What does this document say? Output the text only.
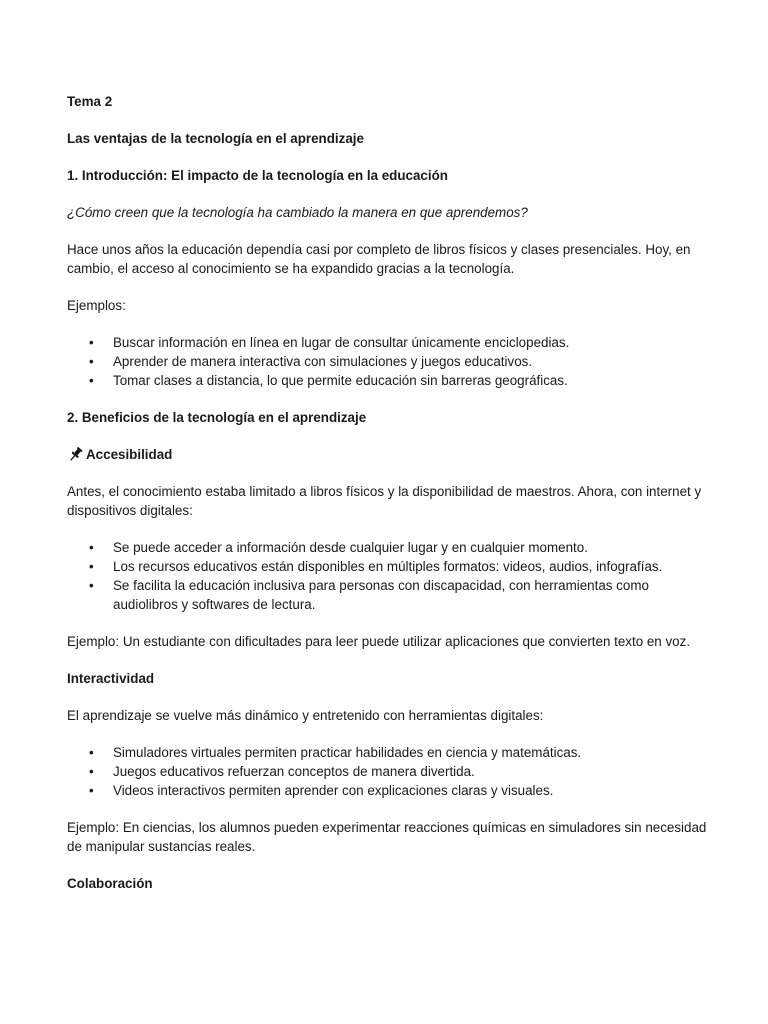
Tema 2

Las ventajas de la tecnología en el aprendizaje

1. Introducción: El impacto de la tecnología en la educación

¿Cómo creen que la tecnología ha cambiado la manera en que aprendemos?

Hace unos años la educación dependía casi por completo de libros físicos y clases presenciales. Hoy, en cambio, el acceso al conocimiento se ha expandido gracias a la tecnología.

Ejemplos:

• Buscar información en línea en lugar de consultar únicamente enciclopedias.
• Aprender de manera interactiva con simulaciones y juegos educativos.
• Tomar clases a distancia, lo que permite educación sin barreras geográficas.

2. Beneficios de la tecnología en el aprendizaje

Accesibilidad

Antes, el conocimiento estaba limitado a libros físicos y la disponibilidad de maestros. Ahora, con internet y dispositivos digitales:

• Se puede acceder a información desde cualquier lugar y en cualquier momento.
• Los recursos educativos están disponibles en múltiples formatos: videos, audios, infografías.
• Se facilita la educación inclusiva para personas con discapacidad, con herramientas como audiolibros y softwares de lectura.

Ejemplo: Un estudiante con dificultades para leer puede utilizar aplicaciones que convierten texto en voz.

Interactividad

El aprendizaje se vuelve más dinámico y entretenido con herramientas digitales:

• Simuladores virtuales permiten practicar habilidades en ciencia y matemáticas.
• Juegos educativos refuerzan conceptos de manera divertida.
• Videos interactivos permiten aprender con explicaciones claras y visuales.

Ejemplo: En ciencias, los alumnos pueden experimentar reacciones químicas en simuladores sin necesidad de manipular sustancias reales.

Colaboración
